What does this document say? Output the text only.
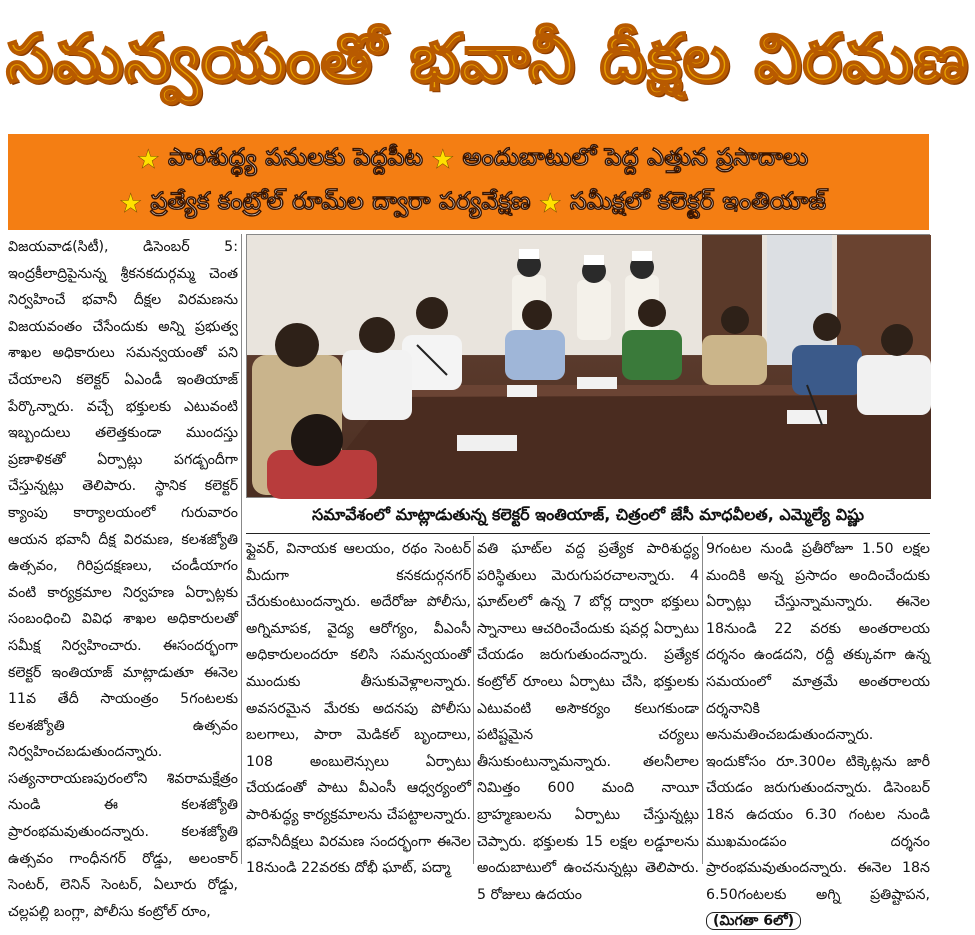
సమన్వయంతో భవానీ దీక్షల విరమణ
★ పారిశుద్ధ్య పనులకు పెద్దపీట ★ అందుబాటులో పెద్ద ఎత్తున ప్రసాదాలు
★ ప్రత్యేక కంట్రోల్ రూమ్‌ల ద్వారా పర్యవేక్షణ ★ సమీక్షలో కలెక్టర్ ఇంతియాజ్

విజయవాడ(సిటీ), డిసెంబర్ 5: ఇంద్రకీలాద్రిపైనున్న శ్రీకనకదుర్గమ్మ చెంత నిర్వహించే భవానీ దీక్షల విరమణను విజయవంతం చేసేందుకు అన్ని ప్రభుత్వ శాఖల అధికారులు సమన్వయంతో పని చేయాలని కలెక్టర్ ఏఎండీ ఇంతియాజ్ పేర్కొన్నారు. వచ్చే భక్తులకు ఎటువంటి ఇబ్బందులు తలెత్తకుండా ముందస్తు ప్రణాళికతో ఏర్పాట్లు పగడ్బందీగా చేస్తున్నట్లు తెలిపారు. స్థానిక కలెక్టర్ క్యాంపు కార్యాలయంలో గురువారం ఆయన భవానీ దీక్ష విరమణ, కలశజ్యోతి ఉత్సవం, గిరిప్రదక్షణలు, చండీయాగం వంటి కార్యక్రమాల నిర్వహణ ఏర్పాట్లకు సంబంధించి వివిధ శాఖల అధికారులతో సమీక్ష నిర్వహించారు. ఈసందర్భంగా కలెక్టర్ ఇంతియాజ్ మాట్లాడుతూ ఈనెల 11వ తేదీ సాయంత్రం 5గంటలకు కలశజ్యోతి ఉత్సవం నిర్వహించబడుతుందన్నారు. సత్యనారాయణపురంలోని శివరామక్షేత్రం నుండి ఈ కలశజ్యోతి ప్రారంభమవుతుందన్నారు. కలశజ్యోతి ఉత్సవం గాంధీనగర్ రోడ్డు, అలంకార్ సెంటర్, లెనిన్ సెంటర్, ఏలూరు రోడ్డు, చల్లపల్లి బంగ్లా, పోలీసు కంట్రోల్ రూం,

సమావేశంలో మాట్లాడుతున్న కలెక్టర్ ఇంతియాజ్, చిత్రంలో జేసీ మాధవీలత, ఎమ్మెల్యే విష్ణు

ఫ్లైవర్, వినాయక ఆలయం, రథం సెంటర్ మీదుగా కనకదుర్గనగర్ చేరుకుంటుందన్నారు. అదేరోజు పోలీసు, అగ్నిమాపక, వైద్య ఆరోగ్యం, వీఎంసీ అధికారులందరూ కలిసి సమన్వయంతో ముందుకు తీసుకువెళ్లాలన్నారు. అవసరమైన మేరకు అదనపు పోలీసు బలగాలు, పారా మెడికల్ బృందాలు, 108 అంబులెన్సులు ఏర్పాటు చేయడంతో పాటు వీఎంసీ ఆధ్వర్యంలో పారిశుద్ధ్య కార్యక్రమాలను చేపట్టాలన్నారు. భవానీదీక్షలు విరమణ సందర్భంగా ఈనెల 18నుండి 22వరకు దోభీ ఘాట్, పద్మా

వతి ఘాట్‌ల వద్ద ప్రత్యేక పారిశుద్ధ్య పరిస్థితులు మెరుగుపరచాలన్నారు. 4 ఘాట్‌లలో ఉన్న 7 బోర్ల ద్వారా భక్తులు స్నానాలు ఆచరించేందుకు షవర్ల ఏర్పాటు చేయడం జరుగుతుందన్నారు. ప్రత్యేక కంట్రోల్ రూంలు ఏర్పాటు చేసి, భక్తులకు ఎటువంటి అసౌకర్యం కలుగకుండా పటిష్టమైన చర్యలు తీసుకుంటున్నామన్నారు. తలనీలాల నిమిత్తం 600 మంది నాయీ బ్రాహ్మణులను ఏర్పాటు చేస్తున్నట్లు చెప్పారు. భక్తులకు 15 లక్షల లడ్డూలను అందుబాటులో ఉంచనున్నట్లు తెలిపారు. 5 రోజులు ఉదయం

9గంటల నుండి ప్రతీరోజూ 1.50 లక్షల మందికి అన్న ప్రసాదం అందించేందుకు ఏర్పాట్లు చేస్తున్నామన్నారు. ఈనెల 18నుండి 22 వరకు అంతరాలయ దర్శనం ఉండదని, రద్దీ తక్కువగా ఉన్న సమయంలో మాత్రమే అంతరాలయ దర్శనానికి అనుమతించబడుతుందన్నారు. ఇందుకోసం రూ.300ల టిక్కెట్లను జారీ చేయడం జరుగుతుందన్నారు. డిసెంబర్ 18న ఉదయం 6.30 గంటల నుండి ముఖమండపం దర్శనం ప్రారంభమవుతుందన్నారు. ఈనెల 18న 6.50గంటలకు అగ్ని ప్రతిష్టాపన, (మిగతా 6లో)
